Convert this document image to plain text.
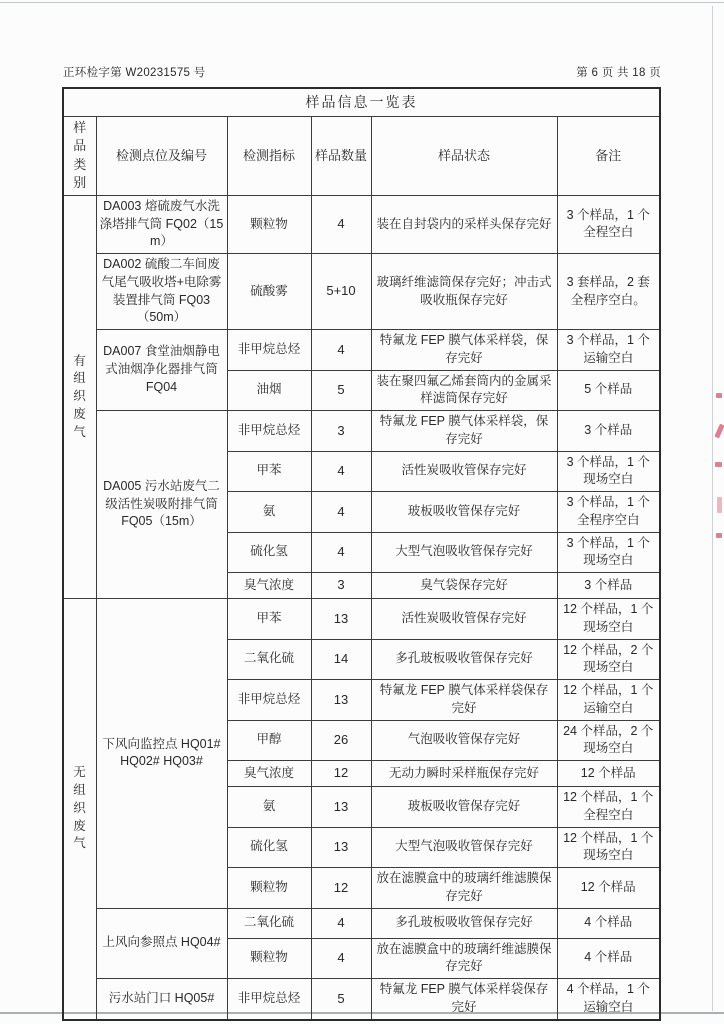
正环检字第 W20231575 号	第 6 页 共 18 页
样品信息一览表					
样品类别	检测点位及编号	检测指标	样品数量	样品状态	备注
有组织废气	DA003 熔硫废气水洗涤塔排气筒 FQ02（15 m）	颗粒物	4	装在自封袋内的采样头保存完好	3 个样品，1 个全程空白
	DA002 硫酸二车间废气尾气吸收塔+电除雾装置排气筒 FQ03（50m）	硫酸雾	5+10	玻璃纤维滤筒保存完好；冲击式吸收瓶保存完好	3 套样品，2 套全程序空白。
	DA007 食堂油烟静电式油烟净化器排气筒 FQ04	非甲烷总烃	4	特氟龙 FEP 膜气体采样袋，保存完好	3 个样品，1 个运输空白
		油烟	5	装在聚四氟乙烯套筒内的金属采样滤筒保存完好	5 个样品
	DA005 污水站废气二级活性炭吸附排气筒 FQ05（15m）	非甲烷总烃	3	特氟龙 FEP 膜气体采样袋，保存完好	3 个样品
		甲苯	4	活性炭吸收管保存完好	3 个样品，1 个现场空白
		氨	4	玻板吸收管保存完好	3 个样品，1 个全程序空白
		硫化氢	4	大型气泡吸收管保存完好	3 个样品，1 个现场空白
		臭气浓度	3	臭气袋保存完好	3 个样品
无组织废气	下风向监控点 HQ01# HQ02# HQ03#	甲苯	13	活性炭吸收管保存完好	12 个样品，1 个现场空白
		二氧化硫	14	多孔玻板吸收管保存完好	12 个样品，2 个现场空白
		非甲烷总烃	13	特氟龙 FEP 膜气体采样袋保存完好	12 个样品，1 个运输空白
		甲醇	26	气泡吸收管保存完好	24 个样品，2 个现场空白
		臭气浓度	12	无动力瞬时采样瓶保存完好	12 个样品
		氨	13	玻板吸收管保存完好	12 个样品，1 个全程空白
		硫化氢	13	大型气泡吸收管保存完好	12 个样品，1 个现场空白
		颗粒物	12	放在滤膜盒中的玻璃纤维滤膜保存完好	12 个样品
	上风向参照点 HQ04#	二氧化硫	4	多孔玻板吸收管保存完好	4 个样品
		颗粒物	4	放在滤膜盒中的玻璃纤维滤膜保存完好	4 个样品
	污水站门口 HQ05#	非甲烷总烃	5	特氟龙 FEP 膜气体采样袋保存完好	4 个样品，1 个运输空白
